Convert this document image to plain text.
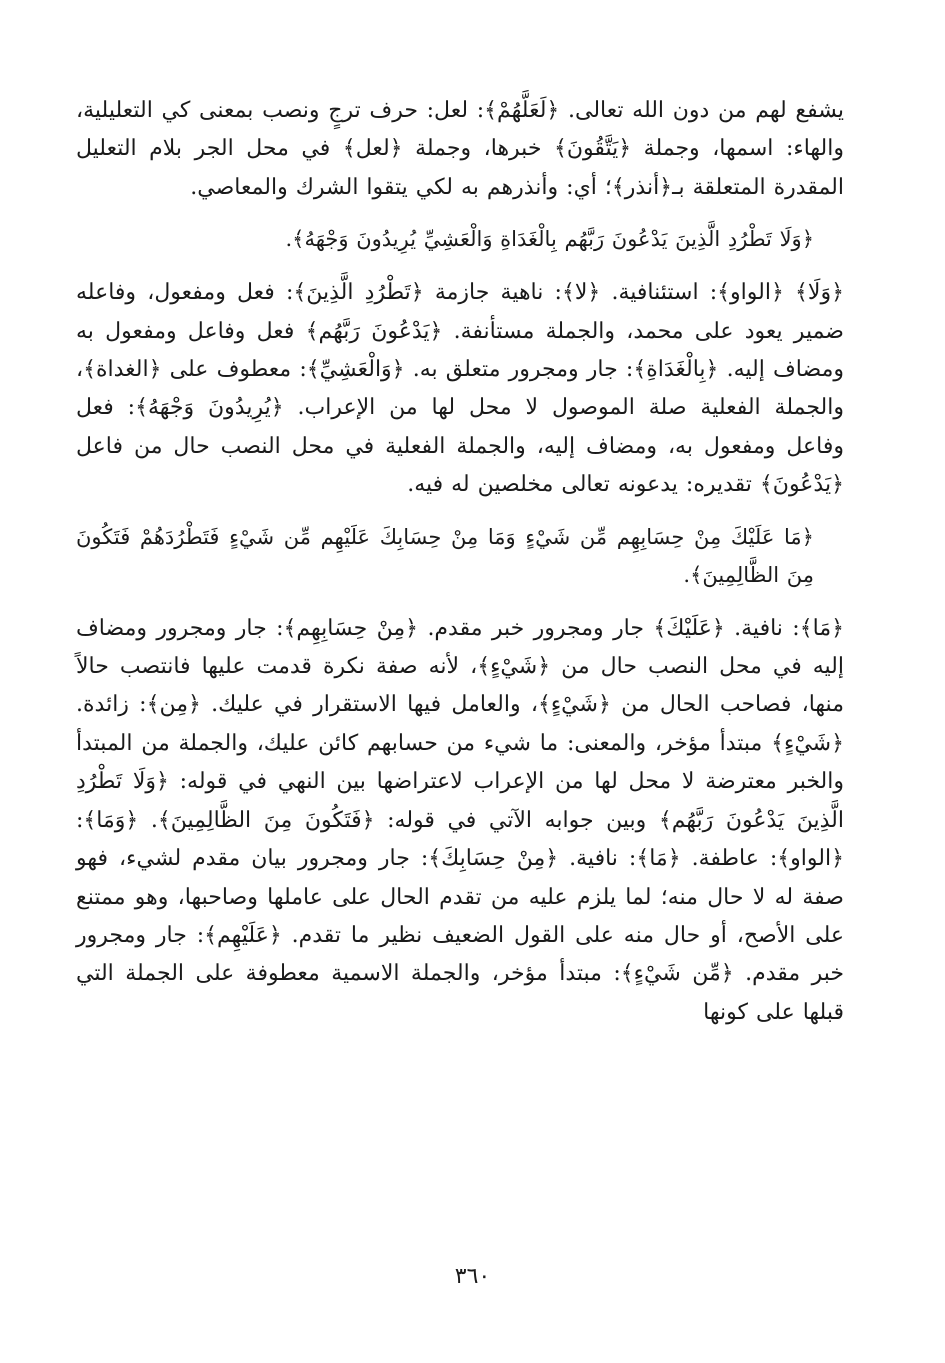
يشفع لهم من دون الله تعالى. ﴿لَعَلَّهُمْ﴾: لعل: حرف ترجٍ ونصب بمعنى كي التعليلية، والهاء: اسمها، وجملة ﴿يَتَّقُونَ﴾ خبرها، وجملة ﴿لعل﴾ في محل الجر بلام التعليل المقدرة المتعلقة بـ﴿أنذر﴾؛ أي: وأنذرهم به لكي يتقوا الشرك والمعاصي.

﴿وَلَا تَطْرُدِ الَّذِينَ يَدْعُونَ رَبَّهُم بِالْغَدَاةِ وَالْعَشِيِّ يُرِيدُونَ وَجْهَهُ﴾.

﴿وَلَا﴾ ﴿الواو﴾: استئنافية. ﴿لا﴾: ناهية جازمة ﴿تَطْرُدِ الَّذِينَ﴾: فعل ومفعول، وفاعله ضمير يعود على محمد، والجملة مستأنفة. ﴿يَدْعُونَ رَبَّهُم﴾ فعل وفاعل ومفعول به ومضاف إليه. ﴿بِالْغَدَاةِ﴾: جار ومجرور متعلق به. ﴿وَالْعَشِيِّ﴾: معطوف على ﴿الغداة﴾، والجملة الفعلية صلة الموصول لا محل لها من الإعراب. ﴿يُرِيدُونَ وَجْهَهُ﴾: فعل وفاعل ومفعول به، ومضاف إليه، والجملة الفعلية في محل النصب حال من فاعل ﴿يَدْعُونَ﴾ تقديره: يدعونه تعالى مخلصين له فيه.

﴿مَا عَلَيْكَ مِنْ حِسَابِهِم مِّن شَيْءٍ وَمَا مِنْ حِسَابِكَ عَلَيْهِم مِّن شَيْءٍ فَتَطْرُدَهُمْ فَتَكُونَ مِنَ الظَّالِمِينَ﴾.

﴿مَا﴾: نافية. ﴿عَلَيْكَ﴾ جار ومجرور خبر مقدم. ﴿مِنْ حِسَابِهِم﴾: جار ومجرور ومضاف إليه في محل النصب حال من ﴿شَيْءٍ﴾، لأنه صفة نكرة قدمت عليها فانتصب حالاً منها، فصاحب الحال من ﴿شَيْءٍ﴾، والعامل فيها الاستقرار في عليك. ﴿مِن﴾: زائدة. ﴿شَيْءٍ﴾ مبتدأ مؤخر، والمعنى: ما شيء من حسابهم كائن عليك، والجملة من المبتدأ والخبر معترضة لا محل لها من الإعراب لاعتراضها بين النهي في قوله: ﴿وَلَا تَطْرُدِ الَّذِينَ يَدْعُونَ رَبَّهُم﴾ وبين جوابه الآتي في قوله: ﴿فَتَكُونَ مِنَ الظَّالِمِينَ﴾. ﴿وَمَا﴾: ﴿الواو﴾: عاطفة. ﴿مَا﴾: نافية. ﴿مِنْ حِسَابِكَ﴾: جار ومجرور بيان مقدم لشيء، فهو صفة له لا حال منه؛ لما يلزم عليه من تقدم الحال على عاملها وصاحبها، وهو ممتنع على الأصح، أو حال منه على القول الضعيف نظير ما تقدم. ﴿عَلَيْهِم﴾: جار ومجرور خبر مقدم. ﴿مِّن شَيْءٍ﴾: مبتدأ مؤخر، والجملة الاسمية معطوفة على الجملة التي قبلها على كونها

٣٦٠
